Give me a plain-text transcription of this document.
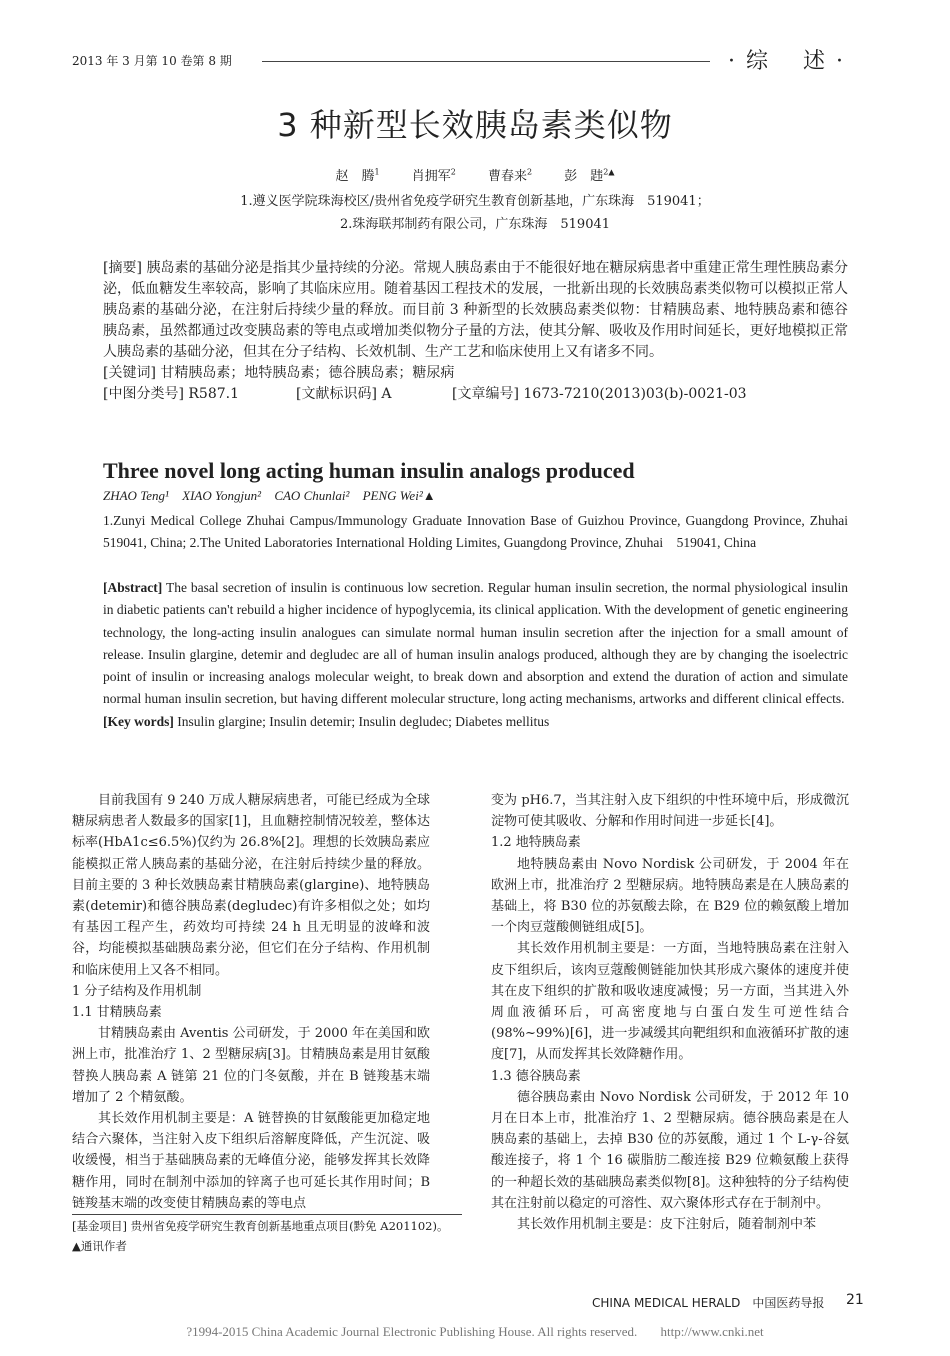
2013 年 3 月第 10 卷第 8 期	· 综　 述 ·
3 种新型长效胰岛素类似物
赵　腾$^1$ 肖拥军$^2$ 曹春来$^2$ 彭　韪$^{2▲}$
1.遵义医学院珠海校区/贵州省免疫学研究生教育创新基地，广东珠海　519041；
2.珠海联邦制药有限公司，广东珠海　519041

[摘要] 胰岛素的基础分泌是指其少量持续的分泌。常规人胰岛素由于不能很好地在糖尿病患者中重建正常生理性胰岛素分泌，低血糖发生率较高，影响了其临床应用。随着基因工程技术的发展，一批新出现的长效胰岛素类似物可以模拟正常人胰岛素的基础分泌，在注射后持续少量的释放。而目前 3 种新型的长效胰岛素类似物：甘精胰岛素、地特胰岛素和德谷胰岛素，虽然都通过改变胰岛素的等电点或增加类似物分子量的方法，使其分解、吸收及作用时间延长，更好地模拟正常人胰岛素的基础分泌，但其在分子结构、长效机制、生产工艺和临床使用上又有诸多不同。

[关键词] 甘精胰岛素；地特胰岛素；德谷胰岛素；糖尿病

[中图分类号] R587.1	[文献标识码] A	[文章编号] 1673-7210(2013)03(b)-0021-03
Three novel long acting human insulin analogs produced
ZHAO Teng¹ XIAO Yongjun² CAO Chunlai² PENG Wei²▲

1.Zunyi Medical College Zhuhai Campus/Immunology Graduate Innovation Base of Guizhou Province, Guangdong Province, Zhuhai　519041, China; 2.The United Laboratories International Holding Limites, Guangdong Province, Zhuhai　519041, China

[Abstract] The basal secretion of insulin is continuous low secretion. Regular human insulin secretion, the normal physiological insulin in diabetic patients can't rebuild a higher incidence of hypoglycemia, its clinical application. With the development of genetic engineering technology, the long-acting insulin analogues can simulate normal human insulin secretion after the injection for a small amount of release. Insulin glargine, detemir and degludec are all of human insulin analogs produced, although they are by changing the isoelectric point of insulin or increasing analogs molecular weight, to break down and absorption and extend the duration of action and simulate normal human insulin secretion, but having different molecular structure, long acting mechanisms, artworks and different clinical effects.

[Key words] Insulin glargine; Insulin detemir; Insulin degludec; Diabetes mellitus

目前我国有 9 240 万成人糖尿病患者，可能已经成为全球糖尿病患者人数最多的国家[1]，且血糖控制情况较差，整体达标率(HbA1c≤6.5%)仅约为 26.8%[2]。理想的长效胰岛素应能模拟正常人胰岛素的基础分泌，在注射后持续少量的释放。目前主要的 3 种长效胰岛素甘精胰岛素(glargine)、地特胰岛素(detemir)和德谷胰岛素(degludec)有许多相似之处；如均有基因工程产生，药效均可持续 24 h 且无明显的波峰和波谷，均能模拟基础胰岛素分泌，但它们在分子结构、作用机制和临床使用上又各不相同。

1 分子结构及作用机制

1.1 甘精胰岛素

甘精胰岛素由 Aventis 公司研发，于 2000 年在美国和欧洲上市，批准治疗 1、2 型糖尿病[3]。甘精胰岛素是用甘氨酸替换人胰岛素 A 链第 21 位的门冬氨酸，并在 B 链羧基末端增加了 2 个精氨酸。

其长效作用机制主要是：A 链替换的甘氨酸能更加稳定地结合六聚体，当注射入皮下组织后溶解度降低，产生沉淀、吸收缓慢，相当于基础胰岛素的无峰值分泌，能够发挥其长效降糖作用，同时在制剂中添加的锌离子也可延长其作用时间；B 链羧基末端的改变使甘精胰岛素的等电点

变为 pH6.7，当其注射入皮下组织的中性环境中后，形成微沉淀物可使其吸收、分解和作用时间进一步延长[4]。

1.2 地特胰岛素

地特胰岛素由 Novo Nordisk 公司研发，于 2004 年在欧洲上市，批准治疗 2 型糖尿病。地特胰岛素是在人胰岛素的基础上，将 B30 位的苏氨酸去除，在 B29 位的赖氨酸上增加一个肉豆蔻酸侧链组成[5]。

其长效作用机制主要是：一方面，当地特胰岛素在注射入皮下组织后，该肉豆蔻酸侧链能加快其形成六聚体的速度并使其在皮下组织的扩散和吸收速度减慢；另一方面，当其进入外周血液循环后，可高密度地与白蛋白发生可逆性结合(98%~99%)[6]，进一步减缓其向靶组织和血液循环扩散的速度[7]，从而发挥其长效降糖作用。

1.3 德谷胰岛素

德谷胰岛素由 Novo Nordisk 公司研发，于 2012 年 10 月在日本上市，批准治疗 1、2 型糖尿病。德谷胰岛素是在人胰岛素的基础上，去掉 B30 位的苏氨酸，通过 1 个 L-γ-谷氨酸连接子，将 1 个 16 碳脂肪二酸连接 B29 位赖氨酸上获得的一种超长效的基础胰岛素类似物[8]。这种独特的分子结构使其在注射前以稳定的可溶性、双六聚体形式存在于制剂中。

其长效作用机制主要是：皮下注射后，随着制剂中苯

[基金项目] 贵州省免疫学研究生教育创新基地重点项目(黔免 A201102)。
▲通讯作者
CHINA MEDICAL HERALD　中国医药导报 21
?1994-2015 China Academic Journal Electronic Publishing House. All rights reserved. http://www.cnki.net
